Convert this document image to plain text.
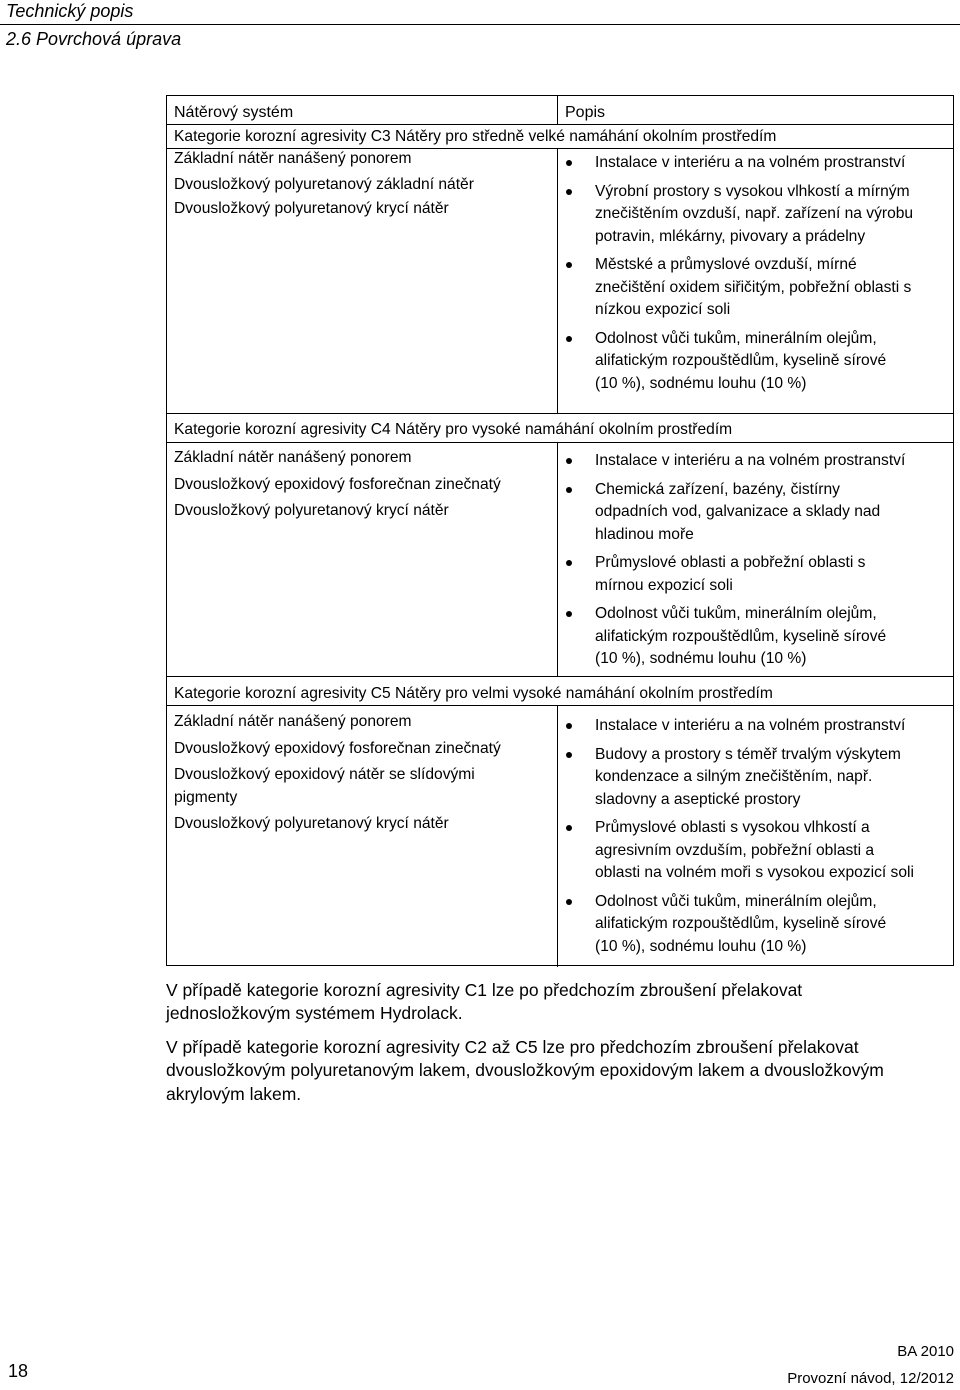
Technický popis
2.6 Povrchová úprava
Nátěrový systém	Popis
Kategorie korozní agresivity C3 Nátěry pro středně velké namáhání okolním prostředím
Základní nátěr nanášený ponorem
Dvousložkový polyuretanový základní nátěr
Dvousložkový polyuretanový krycí nátěr
Instalace v interiéru a na volném prostranství
Výrobní prostory s vysokou vlhkostí a mírným
znečištěním ovzduší, např. zařízení na výrobu
potravin, mlékárny, pivovary a prádelny
Městské a průmyslové ovzduší, mírné
znečištění oxidem siřičitým, pobřežní oblasti s
nízkou expozicí soli
Odolnost vůči tukům, minerálním olejům,
alifatickým rozpouštědlům, kyselině sírové
(10 %), sodnému louhu (10 %)
Kategorie korozní agresivity C4 Nátěry pro vysoké namáhání okolním prostředím
Základní nátěr nanášený ponorem
Dvousložkový epoxidový fosforečnan zinečnatý
Dvousložkový polyuretanový krycí nátěr
Instalace v interiéru a na volném prostranství
Chemická zařízení, bazény, čistírny
odpadních vod, galvanizace a sklady nad
hladinou moře
Průmyslové oblasti a pobřežní oblasti s
mírnou expozicí soli
Odolnost vůči tukům, minerálním olejům,
alifatickým rozpouštědlům, kyselině sírové
(10 %), sodnému louhu (10 %)
Kategorie korozní agresivity C5 Nátěry pro velmi vysoké namáhání okolním prostředím
Základní nátěr nanášený ponorem
Dvousložkový epoxidový fosforečnan zinečnatý
Dvousložkový epoxidový nátěr se slídovými
pigmenty
Dvousložkový polyuretanový krycí nátěr
Instalace v interiéru a na volném prostranství
Budovy a prostory s téměř trvalým výskytem
kondenzace a silným znečištěním, např.
sladovny a aseptické prostory
Průmyslové oblasti s vysokou vlhkostí a
agresivním ovzduším, pobřežní oblasti a
oblasti na volném moři s vysokou expozicí soli
Odolnost vůči tukům, minerálním olejům,
alifatickým rozpouštědlům, kyselině sírové
(10 %), sodnému louhu (10 %)
V případě kategorie korozní agresivity C1 lze po předchozím zbroušení přelakovat
jednosložkovým systémem Hydrolack.
V případě kategorie korozní agresivity C2 až C5 lze pro předchozím zbroušení přelakovat
dvousložkovým polyuretanovým lakem, dvousložkovým epoxidovým lakem a dvousložkovým
akrylovým lakem.
18
BA 2010
Provozní návod, 12/2012
